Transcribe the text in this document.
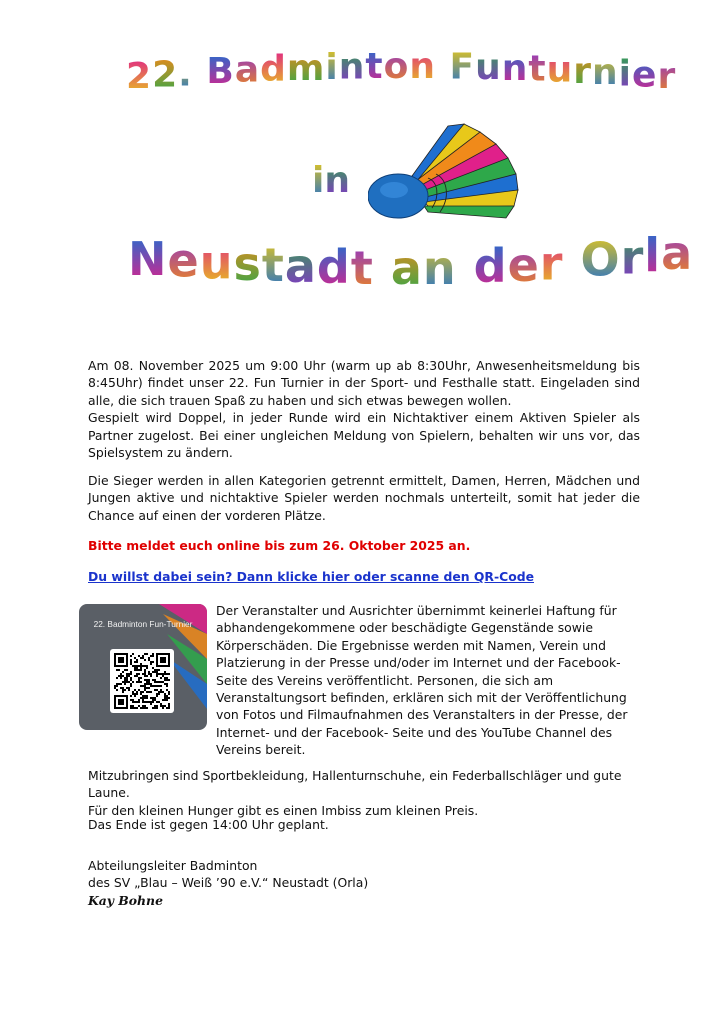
22. Badminton Funturnier
in
Neustadt an der Orla
Am 08. November 2025 um 9:00 Uhr (warm up ab 8:30Uhr, Anwesenheitsmeldung bis 8:45Uhr) findet unser 22. Fun Turnier in der Sport- und Festhalle statt. Eingeladen sind alle, die sich trauen Spaß zu haben und sich etwas bewegen wollen.
Gespielt wird Doppel, in jeder Runde wird ein Nichtaktiver einem Aktiven Spieler als Partner zugelost. Bei einer ungleichen Meldung von Spielern, behalten wir uns vor, das Spielsystem zu ändern.
Die Sieger werden in allen Kategorien getrennt ermittelt, Damen, Herren, Mädchen und Jungen aktive und nichtaktive Spieler werden nochmals unterteilt, somit hat jeder die Chance auf einen der vorderen Plätze.
Bitte meldet euch online bis zum 26. Oktober 2025 an.
Du willst dabei sein? Dann klicke hier oder scanne den QR-Code
22. Badminton Fun-Turnier
Der Veranstalter und Ausrichter übernimmt keinerlei Haftung für abhandengekommene oder beschädigte Gegenstände sowie Körperschäden. Die Ergebnisse werden mit Namen, Verein und Platzierung in der Presse und/oder im Internet und der Facebook- Seite des Vereins veröffentlicht. Personen, die sich am Veranstaltungsort befinden, erklären sich mit der Veröffentlichung von Fotos und Filmaufnahmen des Veranstalters in der Presse, der Internet- und der Facebook- Seite und des YouTube Channel des Vereins bereit.
Mitzubringen sind Sportbekleidung, Hallenturnschuhe, ein Federballschläger und gute Laune.
Für den kleinen Hunger gibt es einen Imbiss zum kleinen Preis.
Das Ende ist gegen 14:00 Uhr geplant.
Abteilungsleiter Badminton
des SV „Blau – Weiß ’90 e.V.“ Neustadt (Orla)
Kay Bohne
